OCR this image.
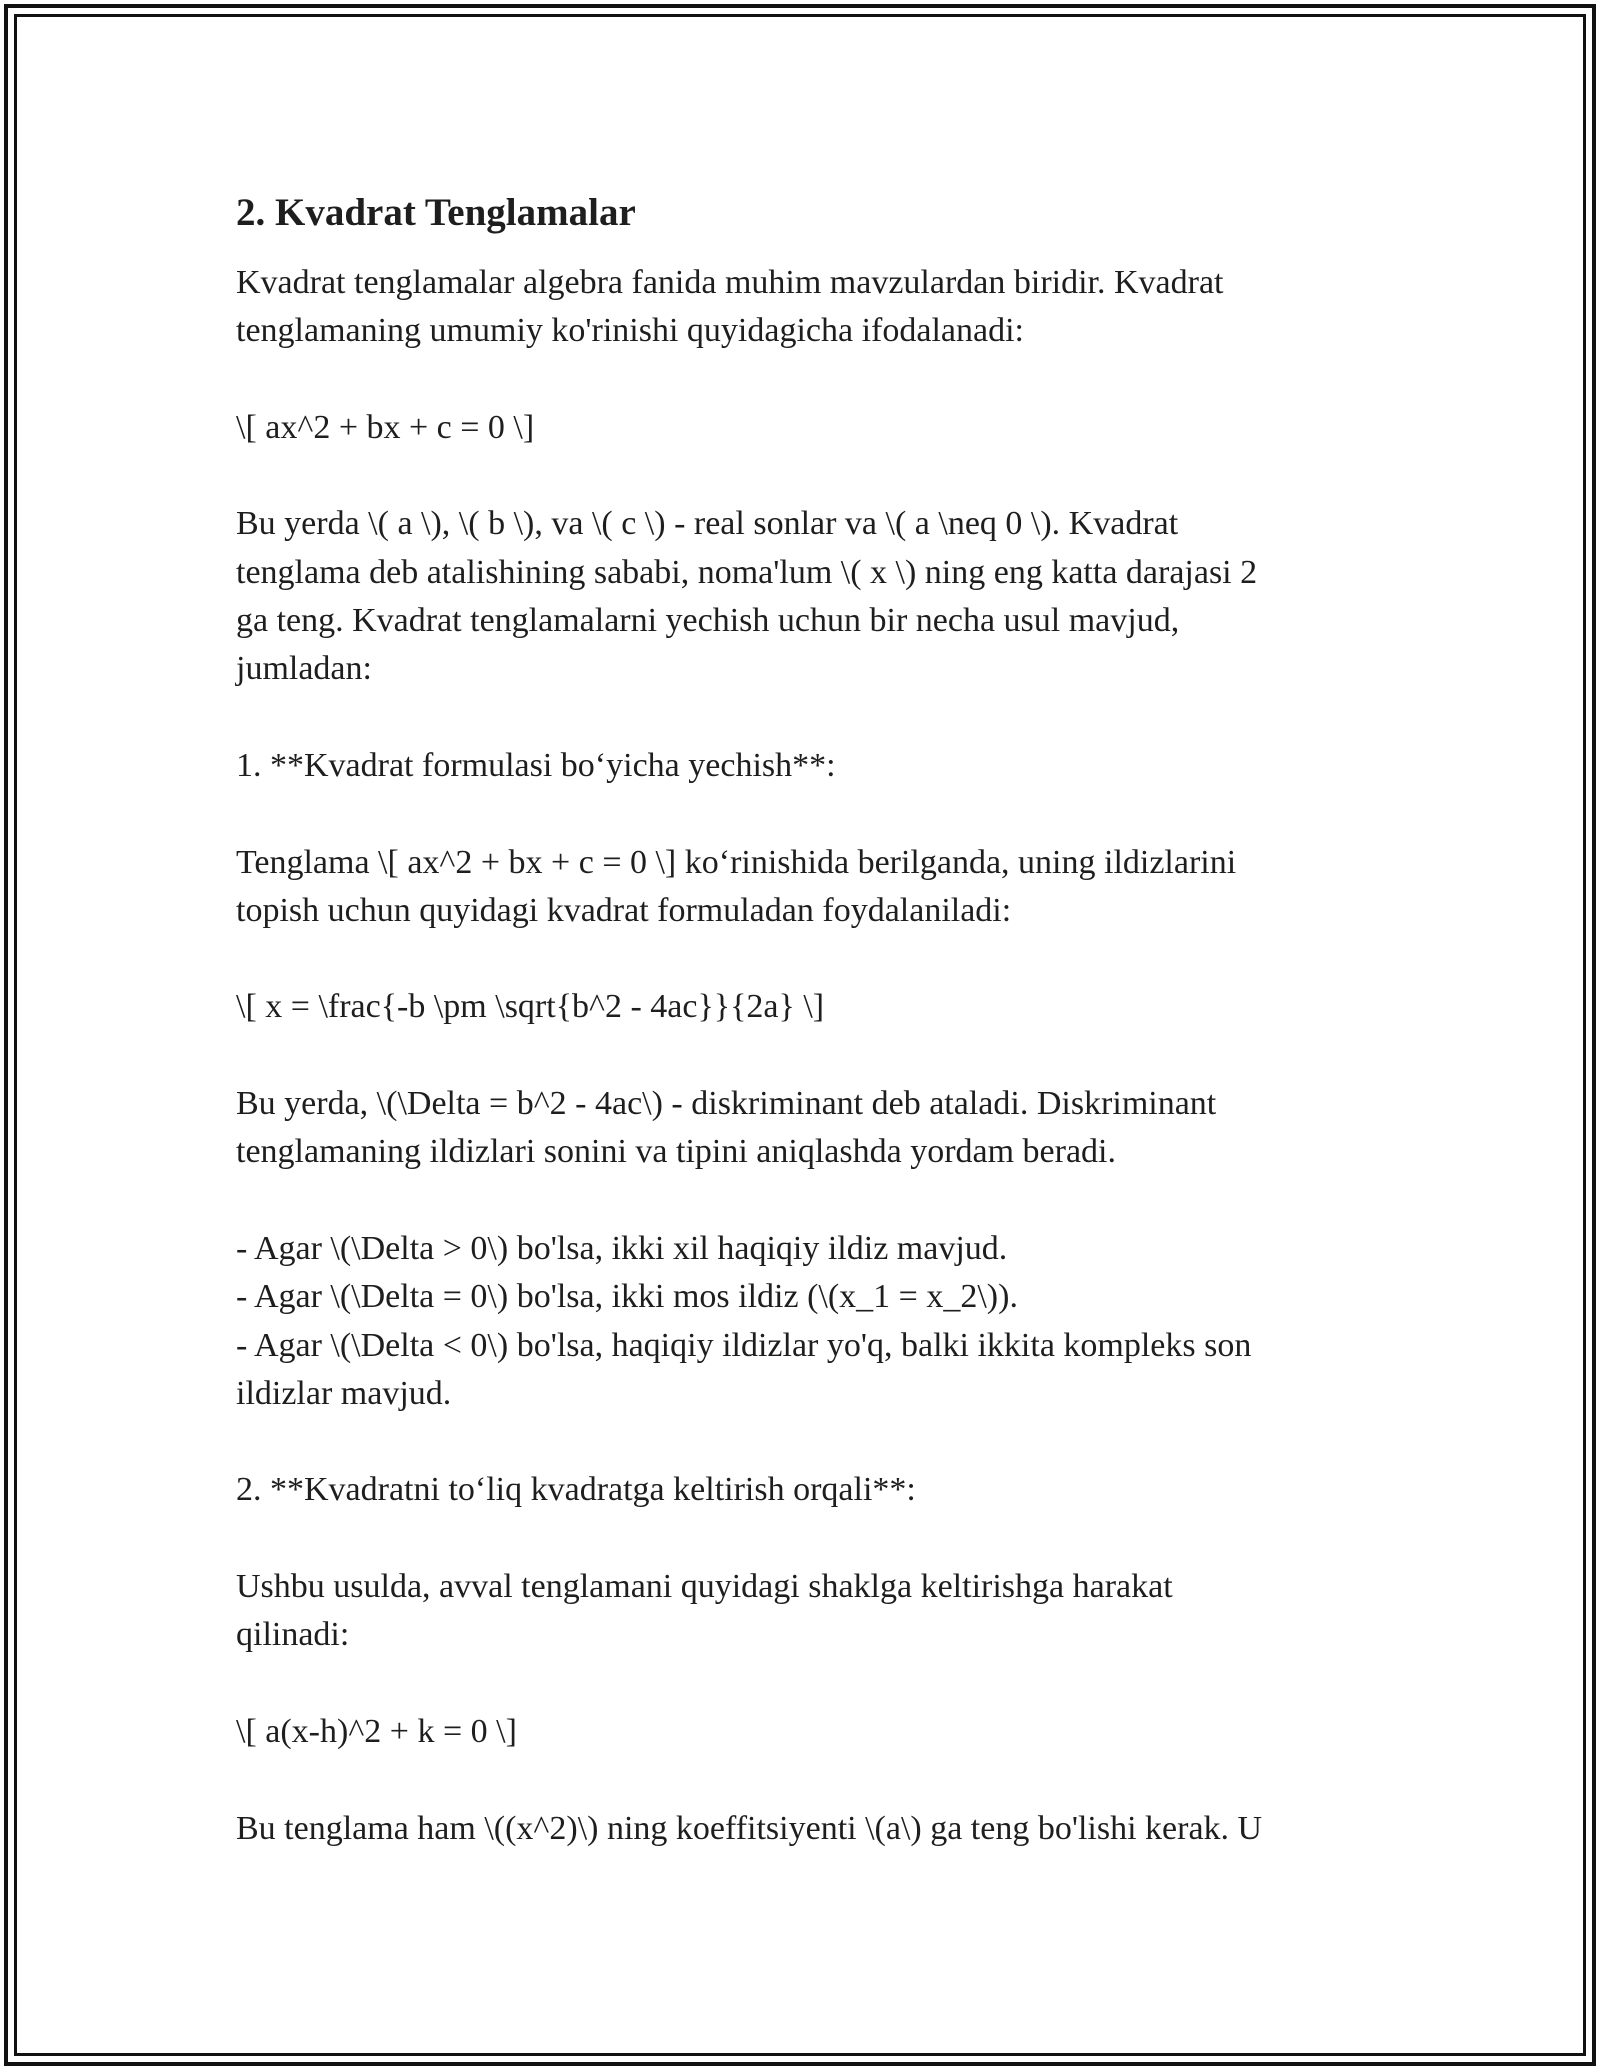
2. Kvadrat Tenglamalar
Kvadrat tenglamalar algebra fanida muhim mavzulardan biridir. Kvadrat
tenglamaning umumiy ko'rinishi quyidagicha ifodalanadi:
\[ ax^2 + bx + c = 0 \]
Bu yerda \( a \), \( b \), va \( c \) - real sonlar va \( a \neq 0 \). Kvadrat
tenglama deb atalishining sababi, noma'lum \( x \) ning eng katta darajasi 2
ga teng. Kvadrat tenglamalarni yechish uchun bir necha usul mavjud,
jumladan:
1. **Kvadrat formulasi bo‘yicha yechish**:
Tenglama \[ ax^2 + bx + c = 0 \] ko‘rinishida berilganda, uning ildizlarini
topish uchun quyidagi kvadrat formuladan foydalaniladi:
\[ x = \frac{-b \pm \sqrt{b^2 - 4ac}}{2a} \]
Bu yerda, \(\Delta = b^2 - 4ac\) - diskriminant deb ataladi. Diskriminant
tenglamaning ildizlari sonini va tipini aniqlashda yordam beradi.
- Agar \(\Delta > 0\) bo'lsa, ikki xil haqiqiy ildiz mavjud.
- Agar \(\Delta = 0\) bo'lsa, ikki mos ildiz (\(x_1 = x_2\)).
- Agar \(\Delta < 0\) bo'lsa, haqiqiy ildizlar yo'q, balki ikkita kompleks son
ildizlar mavjud.
2. **Kvadratni to‘liq kvadratga keltirish orqali**:
Ushbu usulda, avval tenglamani quyidagi shaklga keltirishga harakat
qilinadi:
\[ a(x-h)^2 + k = 0 \]
Bu tenglama ham \((x^2)\) ning koeffitsiyenti \(a\) ga teng bo'lishi kerak. U
